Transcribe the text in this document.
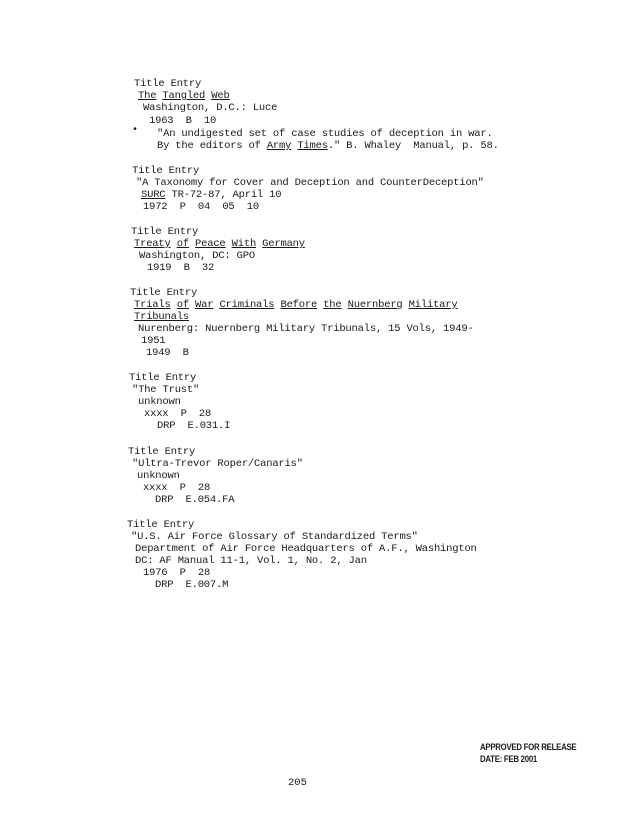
Title Entry
The Tangled Web
Washington, D.C.: Luce
1963  B  10
• "An undigested set of case studies of deception in war.
By the editors of Army Times." B. Whaley  Manual, p. 58.
Title Entry
"A Taxonomy for Cover and Deception and CounterDeception"
SURC TR-72-87, April 10
1972  P  04  05  10
Title Entry
Treaty of Peace With Germany
Washington, DC: GPO
1919  B  32
Title Entry
Trials of War Criminals Before the Nuernberg Military
Tribunals
Nurenberg: Nuernberg Military Tribunals, 15 Vols, 1949-
1951
1949  B
Title Entry
"The Trust"
unknown
xxxx  P  28
DRP  E.031.I
Title Entry
"Ultra-Trevor Roper/Canaris"
unknown
xxxx  P  28
DRP  E.054.FA
Title Entry
"U.S. Air Force Glossary of Standardized Terms"
Department of Air Force Headquarters of A.F., Washington
DC: AF Manual 11-1, Vol. 1, No. 2, Jan
1976  P  28
DRP  E.007.M
APPROVED FOR RELEASE
DATE: FEB 2001
205
